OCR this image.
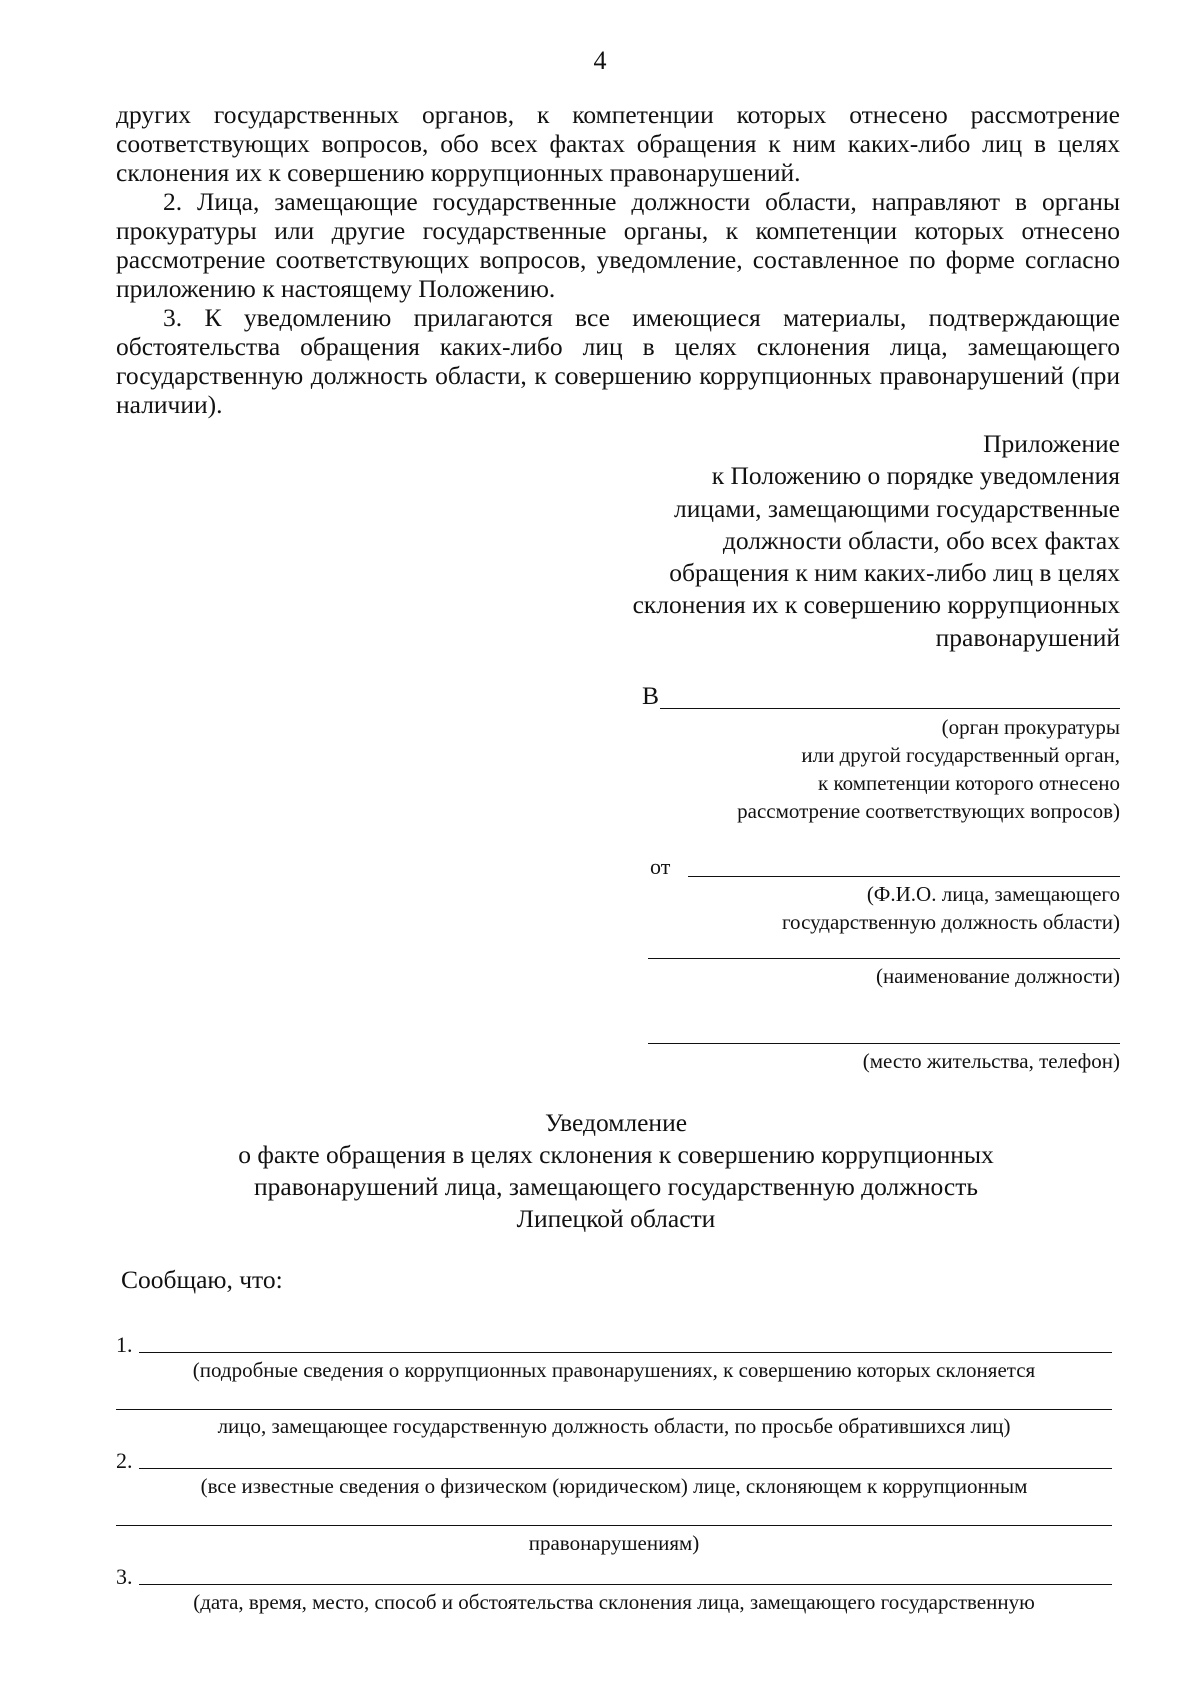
4

других государственных органов, к компетенции которых отнесено рассмотрение соответствующих вопросов, обо всех фактах обращения к ним каких-либо лиц в целях склонения их к совершению коррупционных правонарушений.

2. Лица, замещающие государственные должности области, направляют в органы прокуратуры или другие государственные органы, к компетенции которых отнесено рассмотрение соответствующих вопросов, уведомление, составленное по форме согласно приложению к настоящему Положению.

3. К уведомлению прилагаются все имеющиеся материалы, подтверждающие обстоятельства обращения каких-либо лиц в целях склонения лица, замещающего государственную должность области, к совершению коррупционных правонарушений (при наличии).

Приложение
к Положению о порядке уведомления
лицами, замещающими государственные
должности области, обо всех фактах
обращения к ним каких-либо лиц в целях
склонения их к совершению коррупционных
правонарушений
В
(орган прокуратуры
или другой государственный орган,
к компетенции которого отнесено
рассмотрение соответствующих вопросов)
от
(Ф.И.О. лица, замещающего
государственную должность области)
(наименование должности)
(место жительства, телефон)
Уведомление
о факте обращения в целях склонения к совершению коррупционных
правонарушений лица, замещающего государственную должность
Липецкой области
Сообщаю, что:
1.
(подробные сведения о коррупционных правонарушениях, к совершению которых склоняется
лицо, замещающее государственную должность области, по просьбе обратившихся лиц)
2.
(все известные сведения о физическом (юридическом) лице, склоняющем к коррупционным
правонарушениям)
3.
(дата, время, место, способ и обстоятельства склонения лица, замещающего государственную
